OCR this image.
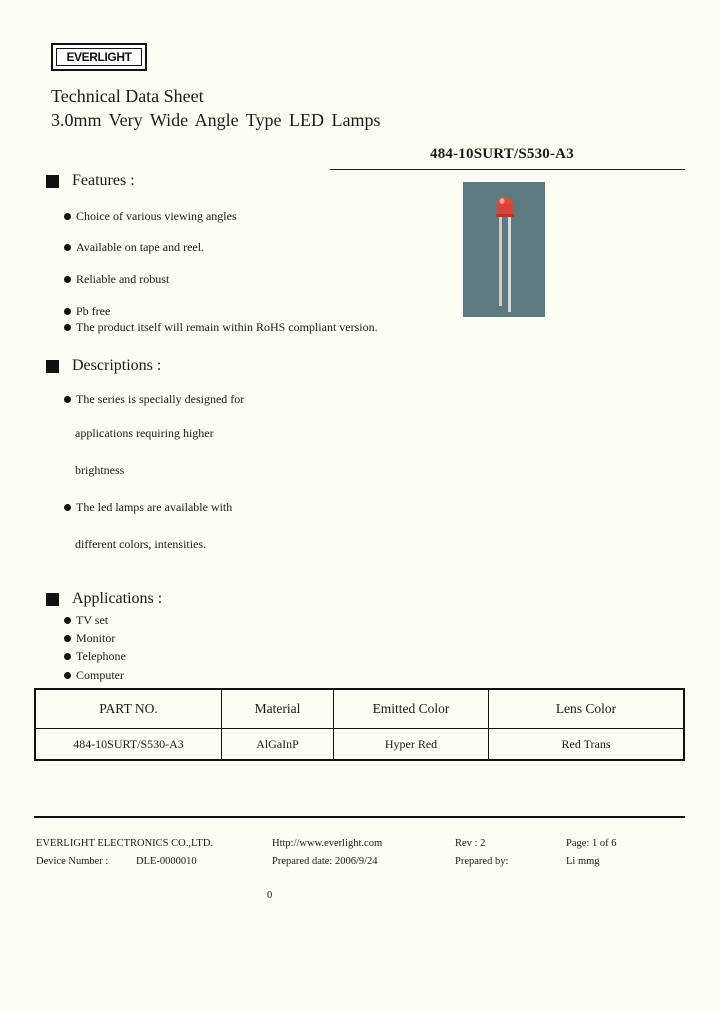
EVERLIGHT
Technical Data Sheet
3.0mm Very Wide Angle Type LED Lamps
484-10SURT/S530-A3
Features :
Choice of various viewing angles
Available on tape and reel.
Reliable and robust
Pb free
The product itself will remain within RoHS compliant version.
Descriptions :
The series is specially designed for
applications requiring higher
brightness
The led lamps are available with
different colors, intensities.
Applications :
TV set
Monitor
Telephone
Computer
PART NO.	Material	Emitted Color	Lens Color
484-10SURT/S530-A3	AlGaInP	Hyper Red	Red Trans
EVERLIGHT ELECTRONICS CO.,LTD.	Http://www.everlight.com	Rev : 2	Page: 1 of 6
Device Number :	DLE-0000010	Prepared date: 2006/9/24	Prepared by:	Li mmg
0
